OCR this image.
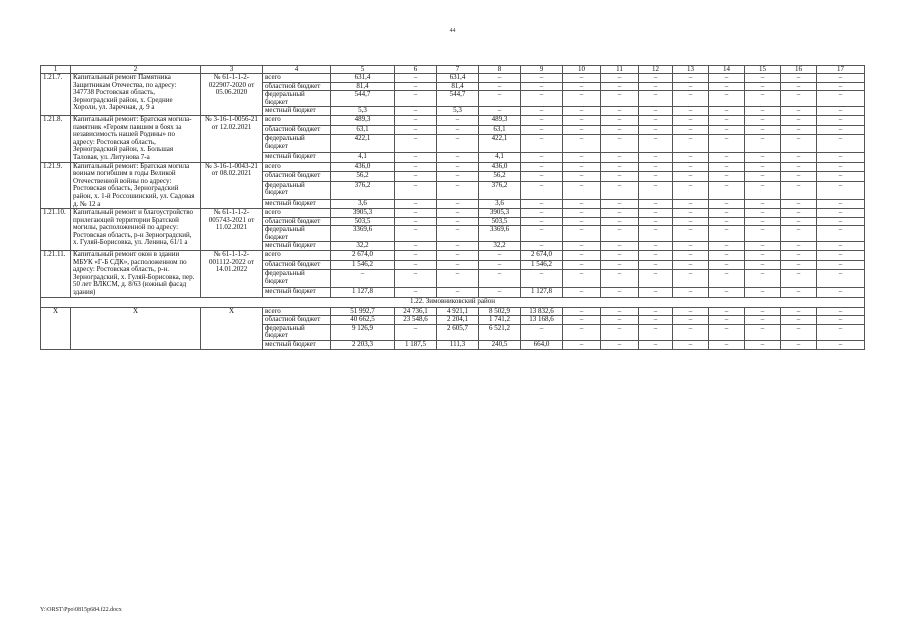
44
1	2	3	4	5	6	7	8	9	10	11	12	13	14	15	16	17
1.21.7.	Капитальный ремонт Памятника Защитникам Отечества, по адресу: 347738 Ростовская область, Зерноградский район, х. Средние Хороли, ул. Заречная, д. 9 а	№ 61-1-1-2-022907-2020 от 05.06.2020	всего	631,4	–	631,4	–	–	–	–	–	–	–	–	–	–
			областной бюджет	81,4	–	81,4	–	–	–	–	–	–	–	–	–	–
			федеральный бюджет	544,7	–	544,7	–	–	–	–	–	–	–	–	–	–
			местный бюджет	5,3	–	5,3	–	–	–	–	–	–	–	–	–	–
1.21.8.	Капитальный ремонт: Братская могила-памятник «Героям павшим в боях за независимость нашей Родины» по адресу: Ростовская область, Зерноградский район, х. Большая Таловая, ул. Литунова 7-а	№ 3-16-1-0056-21 от 12.02.2021	всего	489,3	–	–	489,3	–	–	–	–	–	–	–	–	–
			областной бюджет	63,1	–	–	63,1	–	–	–	–	–	–	–	–	–
			федеральный бюджет	422,1	–	–	422,1	–	–	–	–	–	–	–	–	–
			местный бюджет	4,1	–	–	4,1	–	–	–	–	–	–	–	–	–
1.21.9.	Капитальный ремонт: Братская могила воинам погибшим в годы Великой Отечественной войны по адресу: Ростовская область, Зерноградский район, х. 1-й Россошинский, ул. Садовая д. № 12 а	№ 3-16-1-0043-21 от 08.02.2021	всего	436,0	–	–	436,0	–	–	–	–	–	–	–	–	–
			областной бюджет	56,2	–	–	56,2	–	–	–	–	–	–	–	–	–
			федеральный бюджет	376,2	–	–	376,2	–	–	–	–	–	–	–	–	–
			местный бюджет	3,6	–	–	3,6	–	–	–	–	–	–	–	–	–
1.21.10.	Капитальный ремонт и благоустройство прилегающей территории Братской могилы, расположенной по адресу: Ростовская область, р-н Зерноградский, х. Гуляй-Борисовка, ул. Ленина, 61/1 а	№ 61-1-1-2-005743-2021 от 11.02.2021	всего	3905,3	–	–	3905,3	–	–	–	–	–	–	–	–	–
			областной бюджет	503,5	–	–	503,5	–	–	–	–	–	–	–	–	–
			федеральный бюджет	3369,6	–	–	3369,6	–	–	–	–	–	–	–	–	–
			местный бюджет	32,2	–	–	32,2	–	–	–	–	–	–	–	–	–
1.21.11.	Капитальный ремонт окон в здании МБУК «Г-Б СДК», расположенном по адресу: Ростовская область, р-н. Зерноградский, х. Гуляй-Борисовка, пер. 50 лет ВЛКСМ, д. 8/63 (южный фасад здания)	№ 61-1-1-2-001112-2022 от 14.01.2022	всего	2 674,0	–	–	–	2 674,0	–	–	–	–	–	–	–	–
			областной бюджет	1 546,2	–	–	–	1 546,2	–	–	–	–	–	–	–	–
			федеральный бюджет	–	–	–	–	–	–	–	–	–	–	–	–	–
			местный бюджет	1 127,8	–	–	–	1 127,8	–	–	–	–	–	–	–	–
1.22. Зимовниковский район																
Х	Х	Х	всего	51 992,7	24 736,1	4 921,1	8 502,9	13 832,6	–	–	–	–	–	–	–	–
			областной бюджет	40 662,5	23 548,6	2 204,1	1 741,2	13 168,6	–	–	–	–	–	–	–	–
			федеральный бюджет	9 126,9	–	2 605,7	6 521,2	–	–	–	–	–	–	–	–	–
			местный бюджет	2 203,3	1 187,5	111,3	240,5	664,0	–	–	–	–	–	–	–	–
Y:\ORST\Ppo\0815p684.f22.docx
